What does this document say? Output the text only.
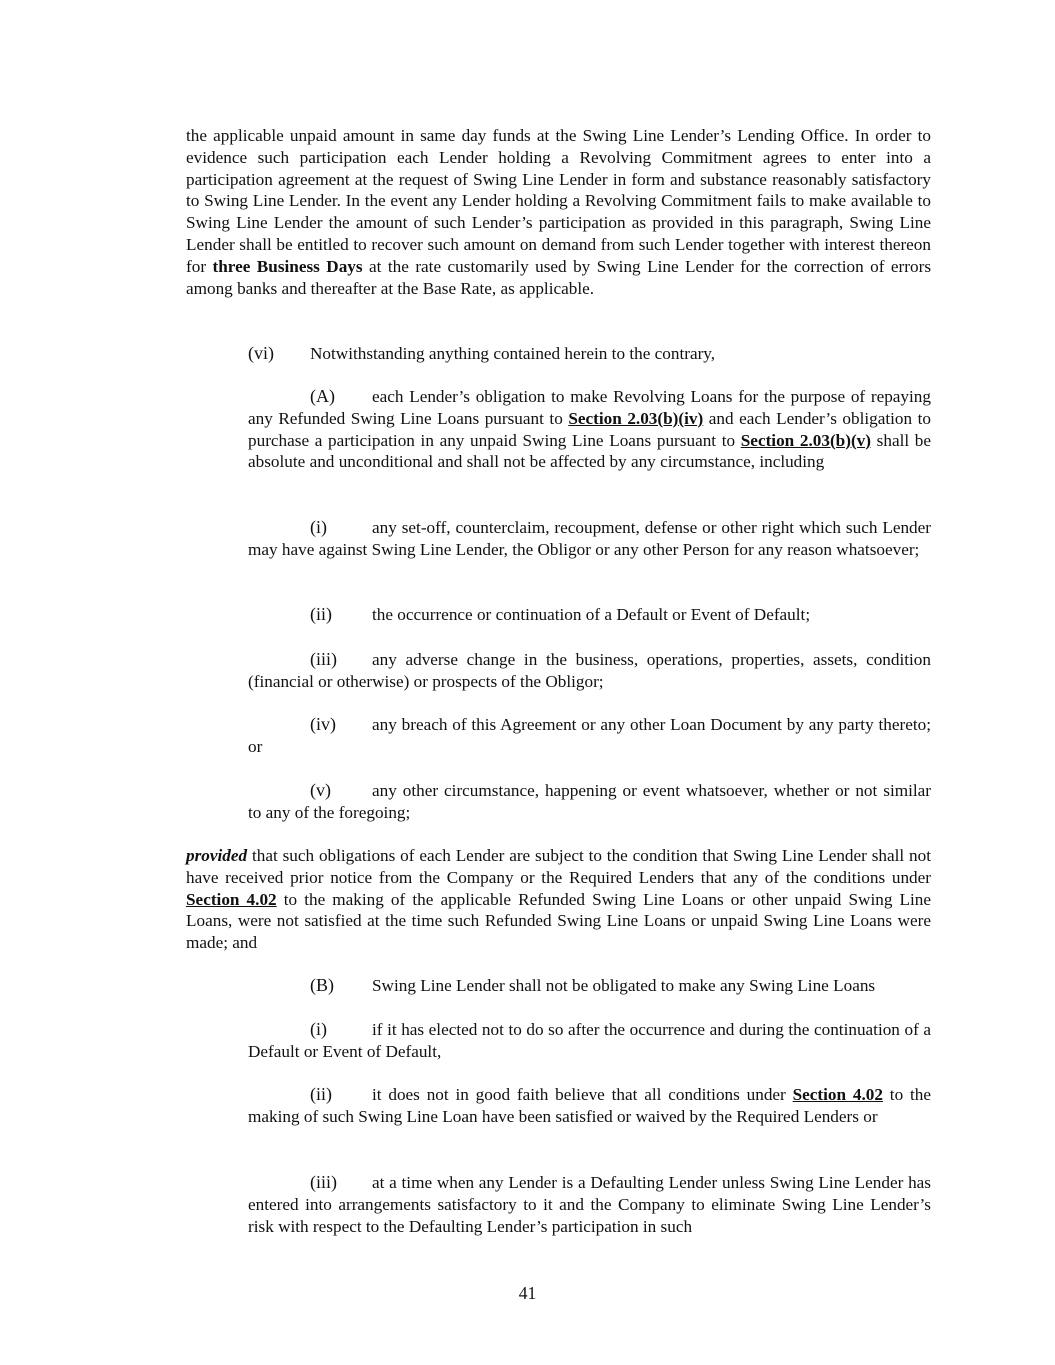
the applicable unpaid amount in same day funds at the Swing Line Lender’s Lending Office. In order to evidence such participation each Lender holding a Revolving Commitment agrees to enter into a participation agreement at the request of Swing Line Lender in form and substance reasonably satisfactory to Swing Line Lender. In the event any Lender holding a Revolving Commitment fails to make available to Swing Line Lender the amount of such Lender’s participation as provided in this paragraph, Swing Line Lender shall be entitled to recover such amount on demand from such Lender together with interest thereon for three Business Days at the rate customarily used by Swing Line Lender for the correction of errors among banks and thereafter at the Base Rate, as applicable.

(vi) Notwithstanding anything contained herein to the contrary,

(A) each Lender’s obligation to make Revolving Loans for the purpose of repaying any Refunded Swing Line Loans pursuant to Section 2.03(b)(iv) and each Lender’s obligation to purchase a participation in any unpaid Swing Line Loans pursuant to Section 2.03(b)(v) shall be absolute and unconditional and shall not be affected by any circumstance, including

(i)	any set-off, counterclaim, recoupment, defense or other right which such Lender may have against Swing Line Lender, the Obligor or any other Person for any reason whatsoever;

(ii) the occurrence or continuation of a Default or Event of Default;

(iii) any adverse change in the business, operations, properties, assets, condition (financial or otherwise) or prospects of the Obligor;

(iv) any breach of this Agreement or any other Loan Document by any party thereto; or

(v) any other circumstance, happening or event whatsoever, whether or not similar to any of the foregoing;

provided that such obligations of each Lender are subject to the condition that Swing Line Lender shall not have received prior notice from the Company or the Required Lenders that any of the conditions under Section 4.02 to the making of the applicable Refunded Swing Line Loans or other unpaid Swing Line Loans, were not satisfied at the time such Refunded Swing Line Loans or unpaid Swing Line Loans were made; and

(B) Swing Line Lender shall not be obligated to make any Swing Line Loans

(i)	if it has elected not to do so after the occurrence and during the continuation of a Default or Event of Default,

(ii) it does not in good faith believe that all conditions under Section 4.02 to the making of such Swing Line Loan have been satisfied or waived by the Required Lenders or

(iii) at a time when any Lender is a Defaulting Lender unless Swing Line Lender has entered into arrangements satisfactory to it and the Company to eliminate Swing Line Lender’s risk with respect to the Defaulting Lender’s participation in such

41
